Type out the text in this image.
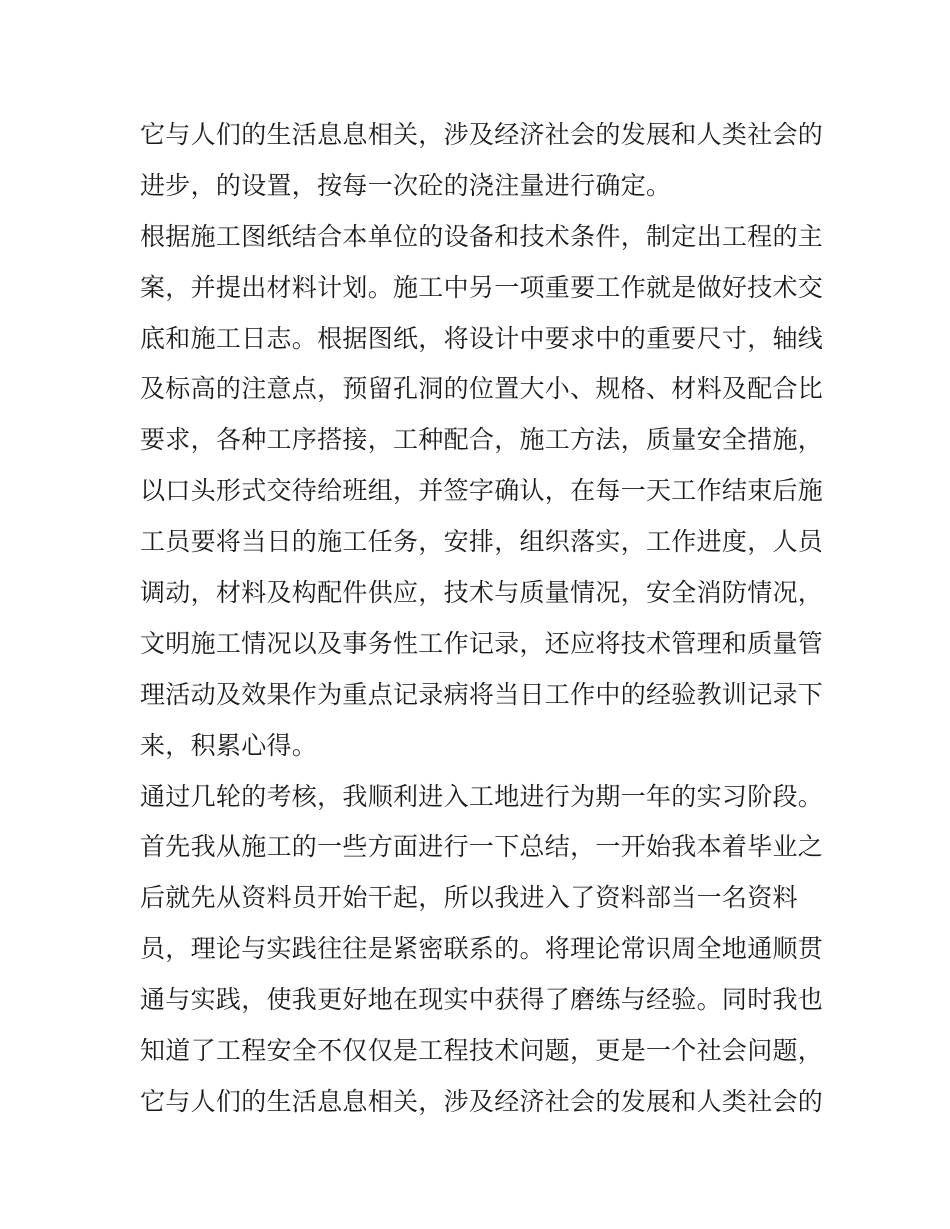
它与人们的生活息息相关，涉及经济社会的发展和人类社会的
进步，的设置，按每一次砼的浇注量进行确定。
根据施工图纸结合本单位的设备和技术条件，制定出工程的主
案，并提出材料计划。施工中另一项重要工作就是做好技术交
底和施工日志。根据图纸，将设计中要求中的重要尺寸，轴线
及标高的注意点，预留孔洞的位置大小、规格、材料及配合比
要求，各种工序搭接，工种配合，施工方法，质量安全措施，
以口头形式交待给班组，并签字确认，在每一天工作结束后施
工员要将当日的施工任务，安排，组织落实，工作进度，人员
调动，材料及构配件供应，技术与质量情况，安全消防情况，
文明施工情况以及事务性工作记录，还应将技术管理和质量管
理活动及效果作为重点记录病将当日工作中的经验教训记录下
来，积累心得。
通过几轮的考核，我顺利进入工地进行为期一年的实习阶段。
首先我从施工的一些方面进行一下总结，一开始我本着毕业之
后就先从资料员开始干起，所以我进入了资料部当一名资料
员，理论与实践往往是紧密联系的。将理论常识周全地通顺贯
通与实践，使我更好地在现实中获得了磨练与经验。同时我也
知道了工程安全不仅仅是工程技术问题，更是一个社会问题，
它与人们的生活息息相关，涉及经济社会的发展和人类社会的
